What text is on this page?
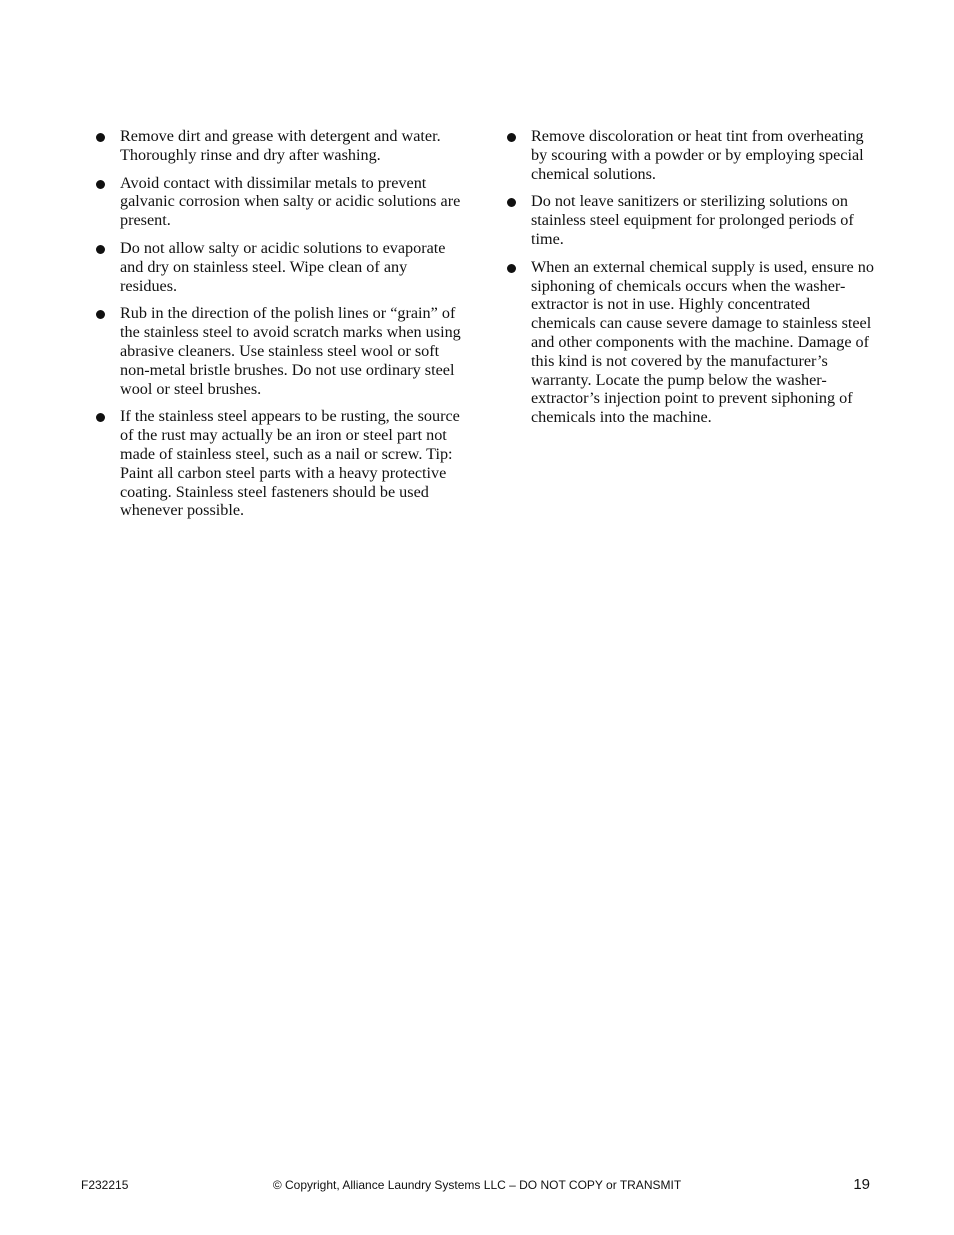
Remove dirt and grease with detergent and water. Thoroughly rinse and dry after washing.
Avoid contact with dissimilar metals to prevent galvanic corrosion when salty or acidic solutions are present.
Do not allow salty or acidic solutions to evaporate and dry on stainless steel. Wipe clean of any residues.
Rub in the direction of the polish lines or “grain” of the stainless steel to avoid scratch marks when using abrasive cleaners. Use stainless steel wool or soft non-metal bristle brushes. Do not use ordinary steel wool or steel brushes.
If the stainless steel appears to be rusting, the source of the rust may actually be an iron or steel part not made of stainless steel, such as a nail or screw. Tip: Paint all carbon steel parts with a heavy protective coating. Stainless steel fasteners should be used whenever possible.
Remove discoloration or heat tint from overheating by scouring with a powder or by employing special chemical solutions.
Do not leave sanitizers or sterilizing solutions on stainless steel equipment for prolonged periods of time.
When an external chemical supply is used, ensure no siphoning of chemicals occurs when the washer-extractor is not in use. Highly concentrated chemicals can cause severe damage to stainless steel and other components with the machine. Damage of this kind is not covered by the manufacturer’s warranty. Locate the pump below the washer-extractor’s injection point to prevent siphoning of chemicals into the machine.
F232215	© Copyright, Alliance Laundry Systems LLC – DO NOT COPY or TRANSMIT	19
